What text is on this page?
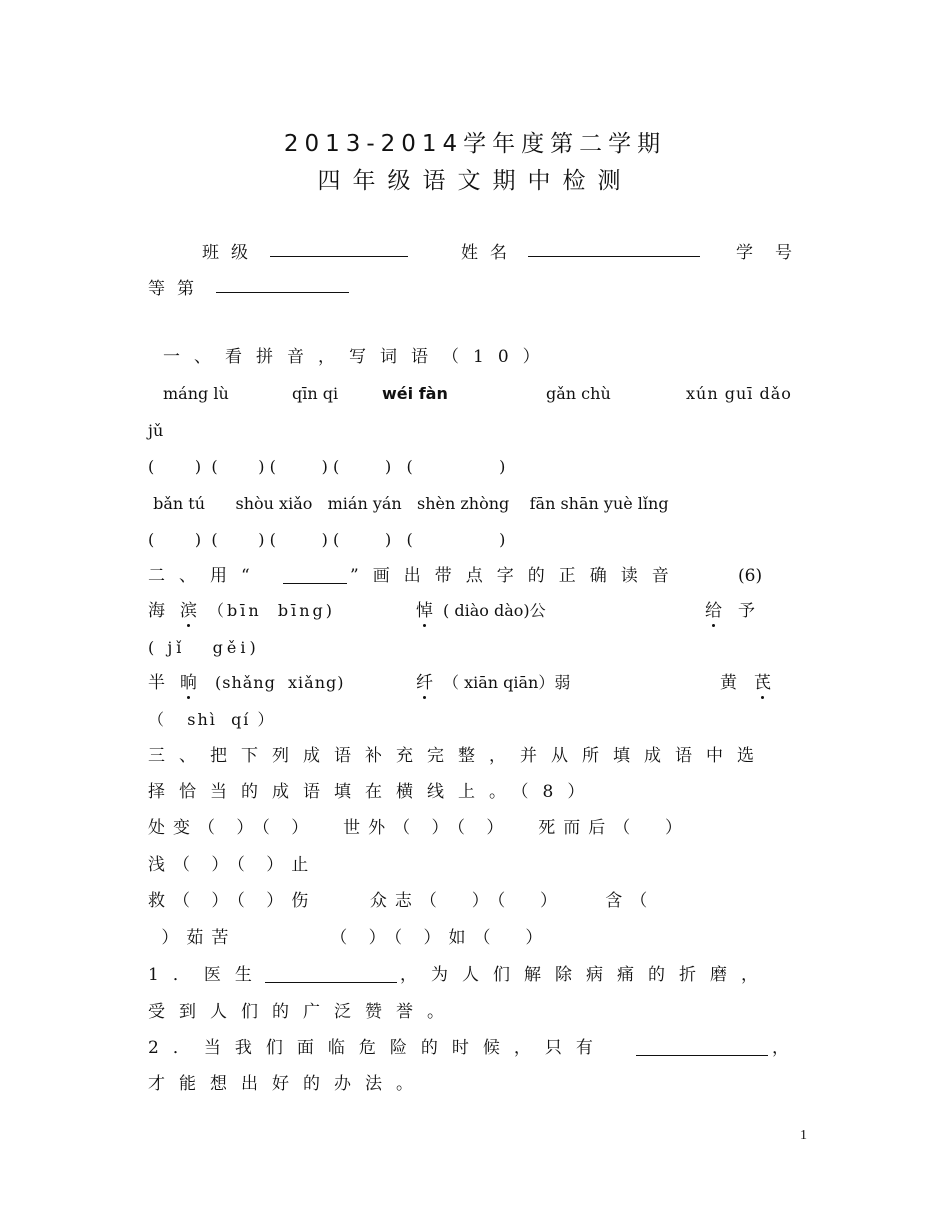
2013-2014学年度第二学期
四年级语文期中检测
班级	姓名	学号
等第
一、看拼音，写词语（10）
máng lù	qīn qi	wéi fàn	gǎn chù	xún guī dǎo
jǔ
(        )  (        ) (         ) (         )   (                 )
bǎn tú      shòu xiǎo   mián yán   shèn zhòng    fān shān yuè lǐng
(        )  (        ) (         ) (         )   (                 )
二、用“	”画出带点字的正确读音	(6)
海 滨 （bīn  bīng)	悼 ( diào dào)公	给 予
( jǐ   gěi)
半 晌 (shǎng  xiǎng)	纤 （ xiān qiān）弱	黄 芪
（   shì  qí ）
三、把下列成语补充完整，并从所填成语中选
择恰当的成语填在横线上。（8）
处变（ ）（ ）  世外（ ）（ ）  死而后（  ）
浅（ ）（ ）止
救（ ）（ ）伤    众志（  ）（  ）   含（
）茹苦       （ ）（ ）如（  ）
1．医生	，为人们解除病痛的折磨，
受到人们的广泛赞誉。
2．当我们面临危险的时候，只有	，
才能想出好的办法。
1
